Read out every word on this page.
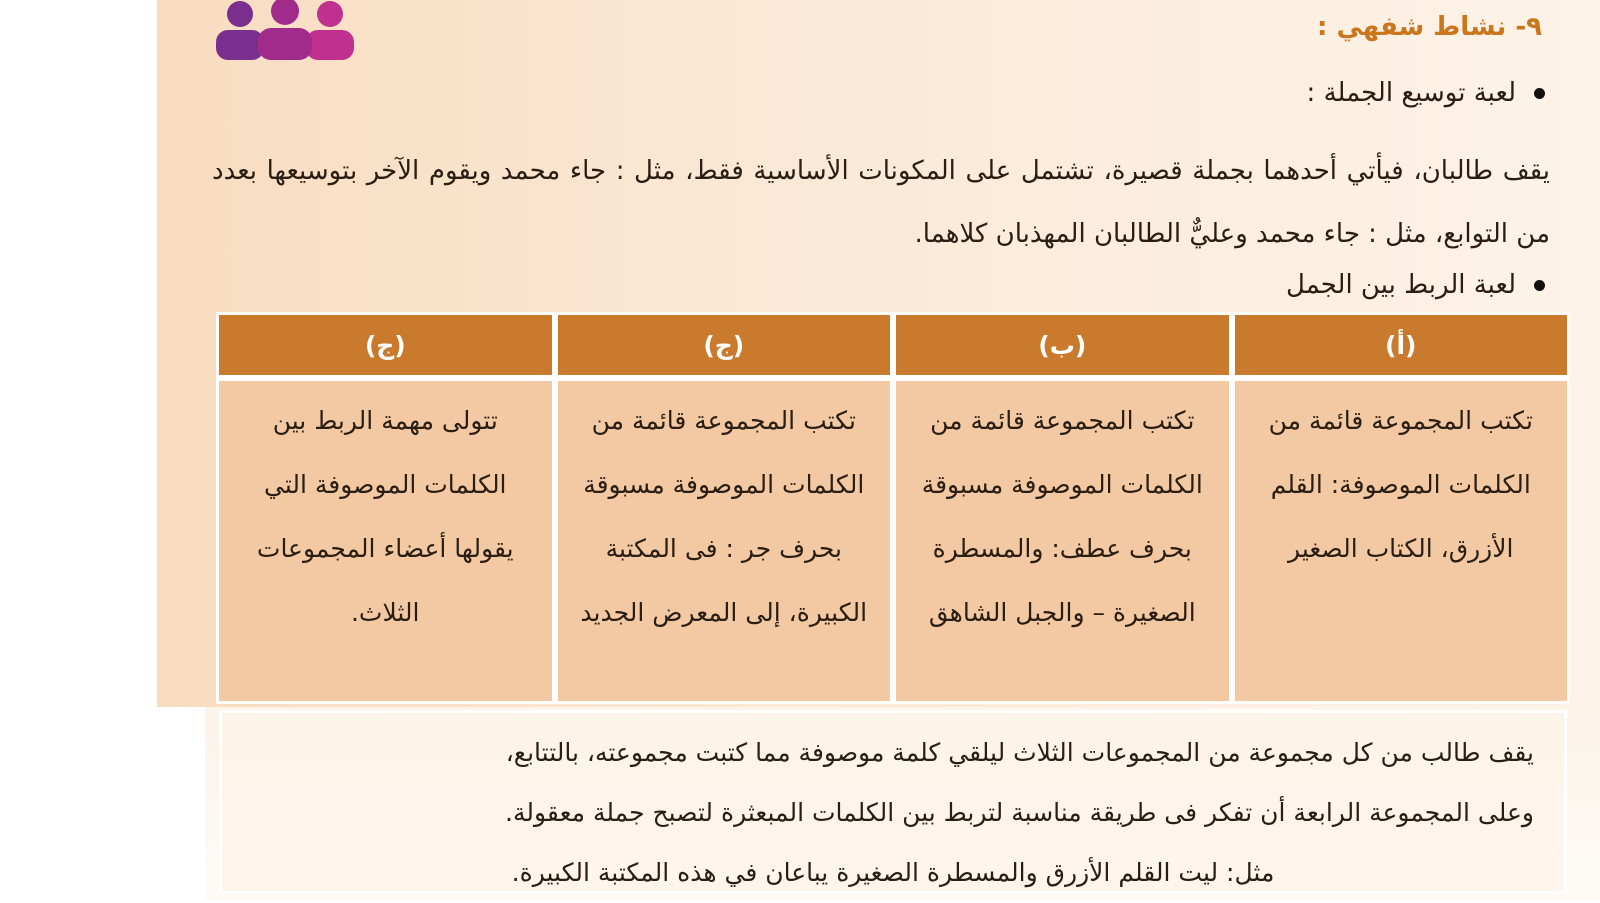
٩- نشاط شفهي :

لعبة توسيع الجملة :

يقف طالبان، فيأتي أحدهما بجملة قصيرة، تشتمل على المكونات الأساسية فقط، مثل : جاء محمد ويقوم الآخر بتوسيعها بعدد من التوابع، مثل : جاء محمد وعليٌّ الطالبان المهذبان كلاهما.

لعبة الربط بين الجمل

(أ)
(ب)
(ج)
(ج)
تكتب المجموعة قائمة من الكلمات الموصوفة: القلم الأزرق، الكتاب الصغير
تكتب المجموعة قائمة من الكلمات الموصوفة مسبوقة بحرف عطف: والمسطرة الصغيرة – والجبل الشاهق
تكتب المجموعة قائمة من الكلمات الموصوفة مسبوقة بحرف جر : فى المكتبة الكبيرة، إلى المعرض الجديد
تتولى مهمة الربط بين الكلمات الموصوفة التي يقولها أعضاء المجموعات الثلاث.

يقف طالب من كل مجموعة من المجموعات الثلاث ليلقي كلمة موصوفة مما كتبت مجموعته، بالتتابع،

وعلى المجموعة الرابعة أن تفكر فى طريقة مناسبة لتربط بين الكلمات المبعثرة لتصبح جملة معقولة.

مثل: ليت القلم الأزرق والمسطرة الصغيرة يباعان في هذه المكتبة الكبيرة.
